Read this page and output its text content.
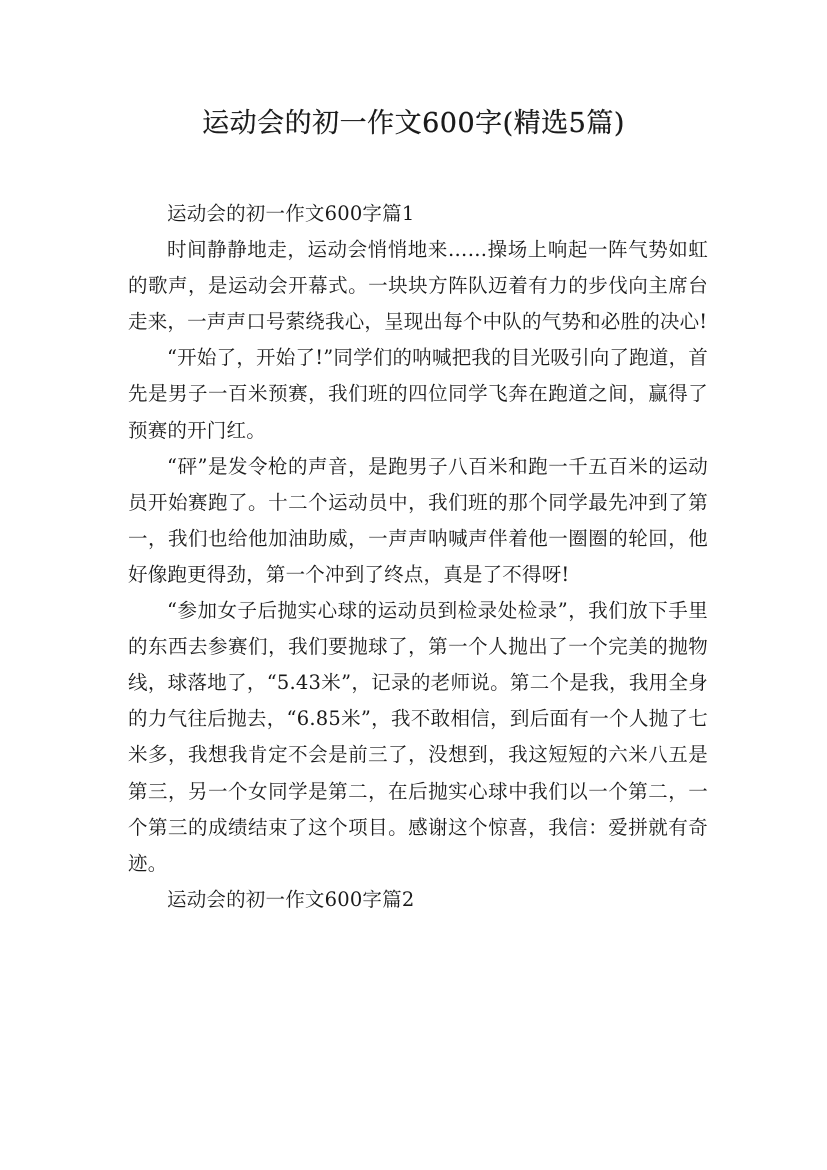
运动会的初一作文600字(精选5篇)

运动会的初一作文600字篇1

时间静静地走，运动会悄悄地来……操场上响起一阵气势如虹的歌声，是运动会开幕式。一块块方阵队迈着有力的步伐向主席台走来，一声声口号萦绕我心，呈现出每个中队的气势和必胜的决心!

“开始了，开始了!”同学们的呐喊把我的目光吸引向了跑道，首先是男子一百米预赛，我们班的四位同学飞奔在跑道之间，赢得了预赛的开门红。

“砰”是发令枪的声音，是跑男子八百米和跑一千五百米的运动员开始赛跑了。十二个运动员中，我们班的那个同学最先冲到了第一，我们也给他加油助威，一声声呐喊声伴着他一圈圈的轮回，他好像跑更得劲，第一个冲到了终点，真是了不得呀!

“参加女子后抛实心球的运动员到检录处检录”，我们放下手里的东西去参赛们，我们要抛球了，第一个人抛出了一个完美的抛物线，球落地了，“5.43米”，记录的老师说。第二个是我，我用全身的力气往后抛去，“6.85米”，我不敢相信，到后面有一个人抛了七米多，我想我肯定不会是前三了，没想到，我这短短的六米八五是第三，另一个女同学是第二，在后抛实心球中我们以一个第二，一个第三的成绩结束了这个项目。感谢这个惊喜，我信：爱拼就有奇迹。

运动会的初一作文600字篇2
